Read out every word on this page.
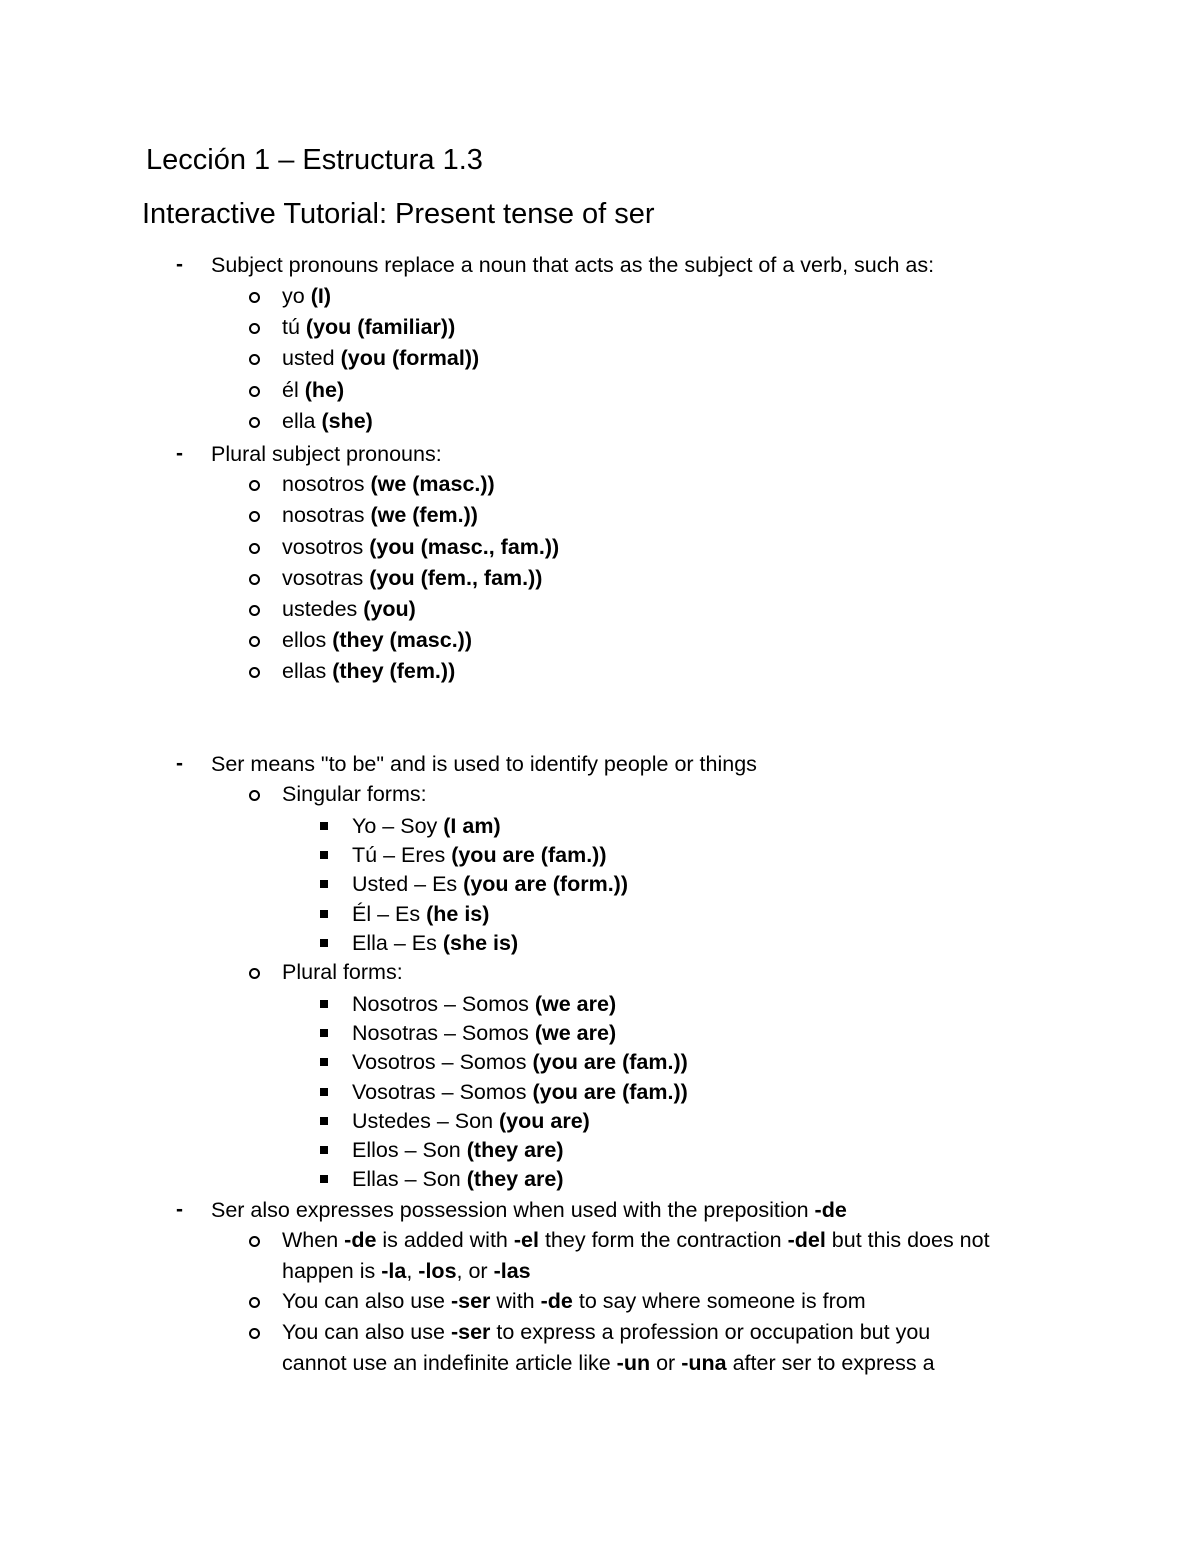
Lección 1 – Estructura 1.3
Interactive Tutorial: Present tense of ser
- Subject pronouns replace a noun that acts as the subject of a verb, such as:
yo (I)
tú (you (familiar))
usted (you (formal))
él (he)
ella (she)
- Plural subject pronouns:
nosotros (we (masc.))
nosotras (we (fem.))
vosotros (you (masc., fam.))
vosotras (you (fem., fam.))
ustedes (you)
ellos (they (masc.))
ellas (they (fem.))
- Ser means "to be" and is used to identify people or things
Singular forms:
Yo – Soy (I am)
Tú – Eres (you are (fam.))
Usted – Es (you are (form.))
Él – Es (he is)
Ella – Es (she is)
Plural forms:
Nosotros – Somos (we are)
Nosotras – Somos (we are)
Vosotros – Somos (you are (fam.))
Vosotras – Somos (you are (fam.))
Ustedes – Son (you are)
Ellos – Son (they are)
Ellas – Son (they are)
- Ser also expresses possession when used with the preposition -de
When -de is added with -el they form the contraction -del but this does not
happen is -la, -los, or -las
You can also use -ser with -de to say where someone is from
You can also use -ser to express a profession or occupation but you
cannot use an indefinite article like -un or -una after ser to express a
